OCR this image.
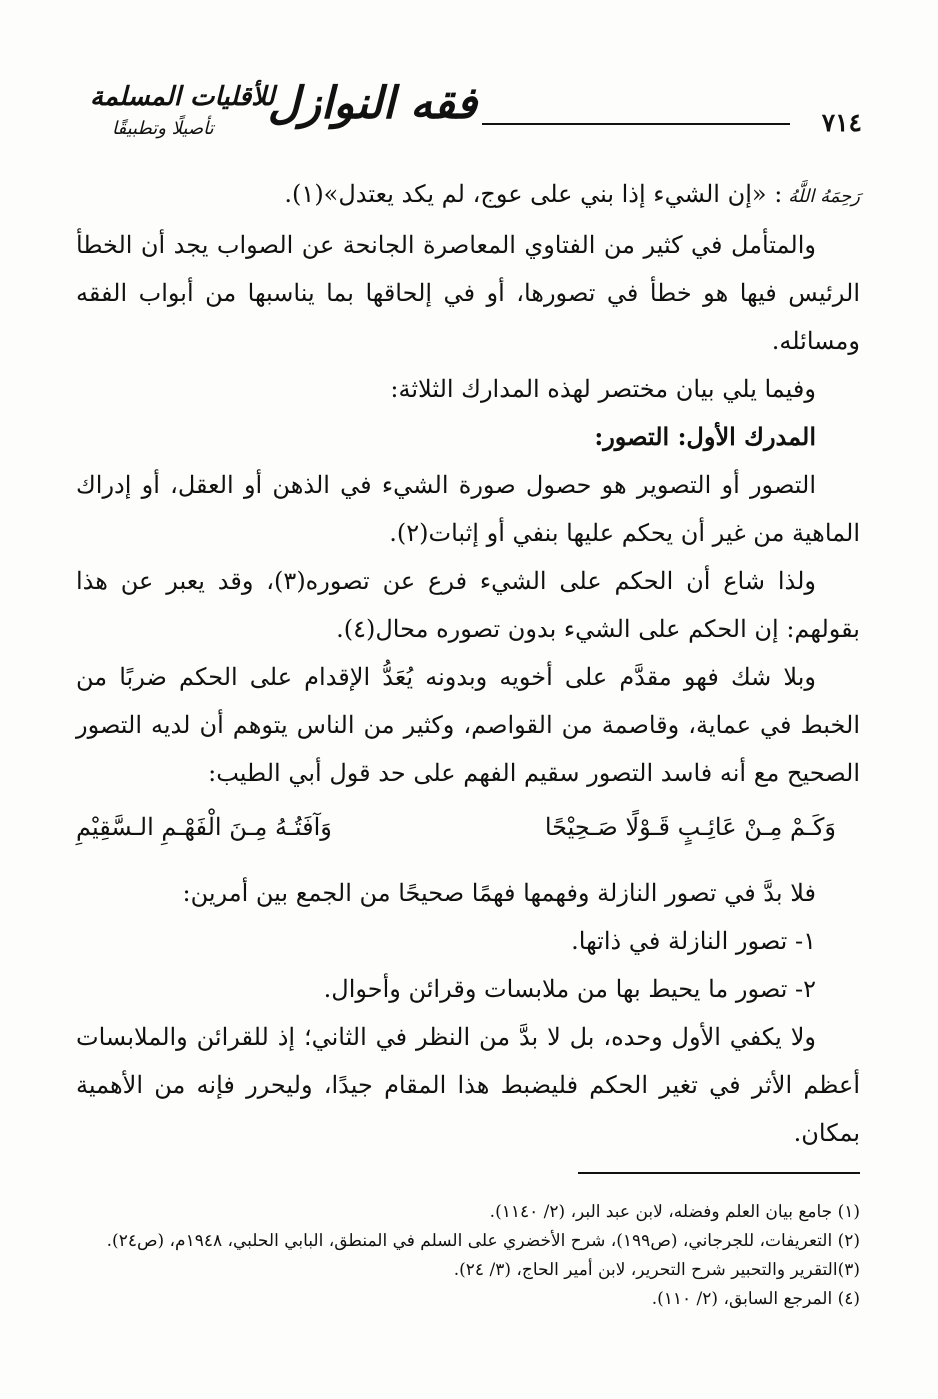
٧١٤
فقه النوازل
للأقليات المسلمة
تأصيلًا وتطبيقًا

رَحِمَهُ اللَّهُ: «إن الشيء إذا بني على عوج، لم يكد يعتدل»(١).

والمتأمل في كثير من الفتاوي المعاصرة الجانحة عن الصواب يجد أن الخطأ الرئيس فيها هو خطأ في تصورها، أو في إلحاقها بما يناسبها من أبواب الفقه ومسائله.

وفيما يلي بيان مختصر لهذه المدارك الثلاثة:

المدرك الأول: التصور:

التصور أو التصوير هو حصول صورة الشيء في الذهن أو العقل، أو إدراك الماهية من غير أن يحكم عليها بنفي أو إثبات(٢).

ولذا شاع أن الحكم على الشيء فرع عن تصوره(٣)، وقد يعبر عن هذا بقولهم: إن الحكم على الشيء بدون تصوره محال(٤).

وبلا شك فهو مقدَّم على أخويه وبدونه يُعَدُّ الإقدام على الحكم ضربًا من الخبط في عماية، وقاصمة من القواصم، وكثير من الناس يتوهم أن لديه التصور الصحيح مع أنه فاسد التصور سقيم الفهم على حد قول أبي الطيب:

وَكَـمْ مِـنْ عَائِـبٍ قَـوْلًا صَـحِيْحًا
وَآفَتُـهُ مِـنَ الْفَهْـمِ الـسَّقِيْمِ

فلا بدَّ في تصور النازلة وفهمها فهمًا صحيحًا من الجمع بين أمرين:

١- تصور النازلة في ذاتها.

٢- تصور ما يحيط بها من ملابسات وقرائن وأحوال.

ولا يكفي الأول وحده، بل لا بدَّ من النظر في الثاني؛ إذ للقرائن والملابسات أعظم الأثر في تغير الحكم فليضبط هذا المقام جيدًا، وليحرر فإنه من الأهمية بمكان.

(١) جامع بيان العلم وفضله، لابن عبد البر، (٢/ ١١٤٠).
(٢) التعريفات، للجرجاني، (ص١٩٩)، شرح الأخضري على السلم في المنطق، البابي الحلبي، ١٩٤٨م، (ص٢٤).
(٣)التقرير والتحبير شرح التحرير، لابن أمير الحاج، (٣/ ٢٤).
(٤) المرجع السابق، (٢/ ١١٠).
